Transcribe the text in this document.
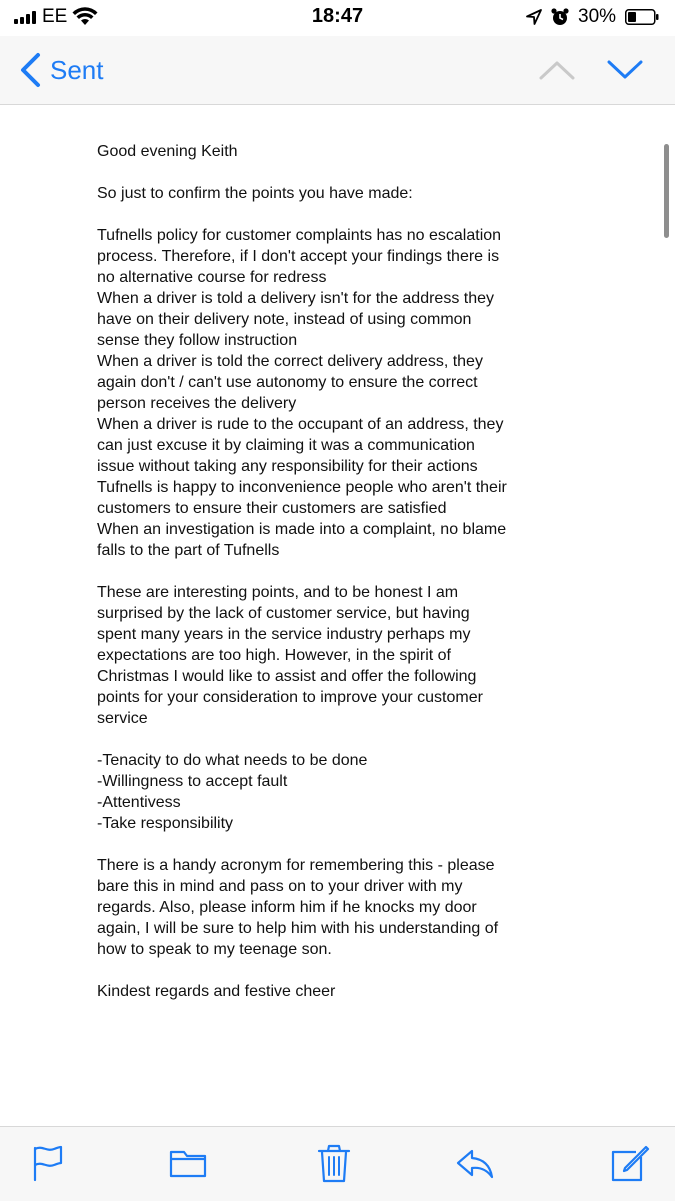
EE	18:47	30%
Sent

Good evening Keith

So just to confirm the points you have made:

Tufnells policy for customer complaints has no escalation process. Therefore, if I don't accept your findings there is no alternative course for redress

When a driver is told a delivery isn't for the address they have on their delivery note, instead of using common sense they follow instruction

When a driver is told the correct delivery address, they again don't / can't use autonomy to ensure the correct person receives the delivery

When a driver is rude to the occupant of an address, they can just excuse it by claiming it was a communication issue without taking any responsibility for their actions

Tufnells is happy to inconvenience people who aren't their customers to ensure their customers are satisfied

When an investigation is made into a complaint, no blame falls to the part of Tufnells

These are interesting points, and to be honest I am surprised by the lack of customer service, but having spent many years in the service industry perhaps my expectations are too high. However, in the spirit of Christmas I would like to assist and offer the following points for your consideration to improve your customer service

-Tenacity to do what needs to be done

-Willingness to accept fault

-Attentivess

-Take responsibility

There is a handy acronym for remembering this - please bare this in mind and pass on to your driver with my regards. Also, please inform him if he knocks my door again, I will be sure to help him with his understanding of how to speak to my teenage son.

Kindest regards and festive cheer
